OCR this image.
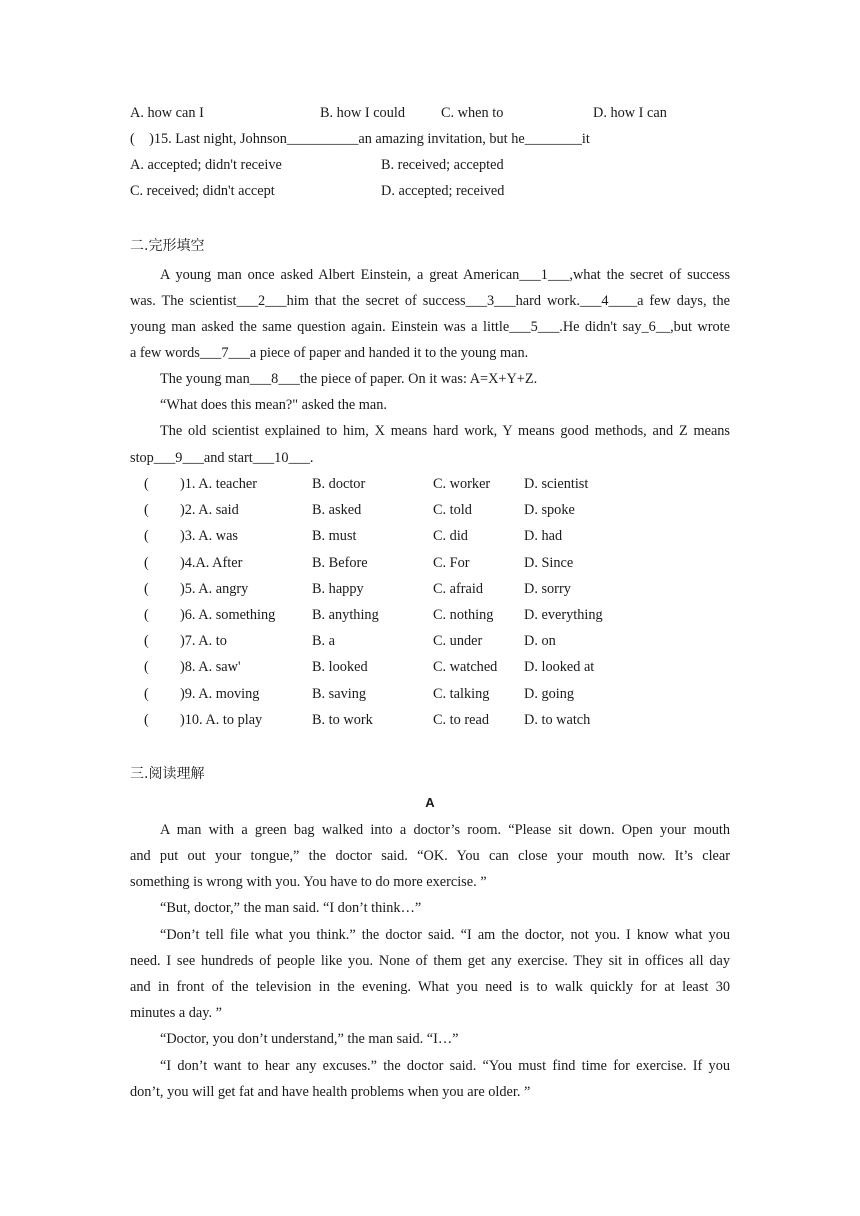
A. how can I	B. how I could	C. when to	D. how I can
(    )15. Last night, Johnson__________an amazing invitation, but he________it
A. accepted; didn't receive	B. received; accepted
C. received; didn't accept	D. accepted; received
二.完形填空
A young man once asked Albert Einstein, a great American___1___,what the secret of success
was. The scientist___2___him that the secret of success___3___hard work.___4____a few days, the
young man asked the same question again. Einstein was a little___5___.He didn't say_6__,but wrote
a few words___7___a piece of paper and handed it to the young man.
The young man___8___the piece of paper. On it was: A=X+Y+Z.
“What does this mean?" asked the man.
The old scientist explained to him, X means hard work, Y means good methods, and Z means
stop___9___and start___10___.
( )1. A. teacher	B. doctor	C. worker D. scientist
( )2. A. said	B. asked	C. told	D. spoke
( )3. A. was	B. must	C. did	D. had
( )4.A. After	B. Before	C. For	D. Since
( )5. A. angry	B. happy	C. afraid	D. sorry
( )6. A. something	B. anything	C. nothing D. everything
( )7. A. to	B. a	C. under	D. on
( )8. A. saw'	B. looked	C. watched D. looked at
( )9. A. moving	B. saving	C. talking D. going
( )10. A. to play	B. to work	C. to read D. to watch
三.阅读理解
A
A man with a green bag walked into a doctor’s room. “Please sit down. Open your mouth
and put out your tongue,” the doctor said. “OK. You can close your mouth now. It’s clear
something is wrong with you. You have to do more exercise. ”
“But, doctor,” the man said. “I don’t think…”
“Don’t tell file what you think.” the doctor said. “I am the doctor, not you. I know what you
need. I see hundreds of people like you. None of them get any exercise. They sit in offices all day
and in front of the television in the evening. What you need is to walk quickly for at least 30
minutes a day. ”
“Doctor, you don’t understand,” the man said. “I…”
“I don’t want to hear any excuses.” the doctor said. “You must find time for exercise. If you
don’t, you will get fat and have health problems when you are older. ”
